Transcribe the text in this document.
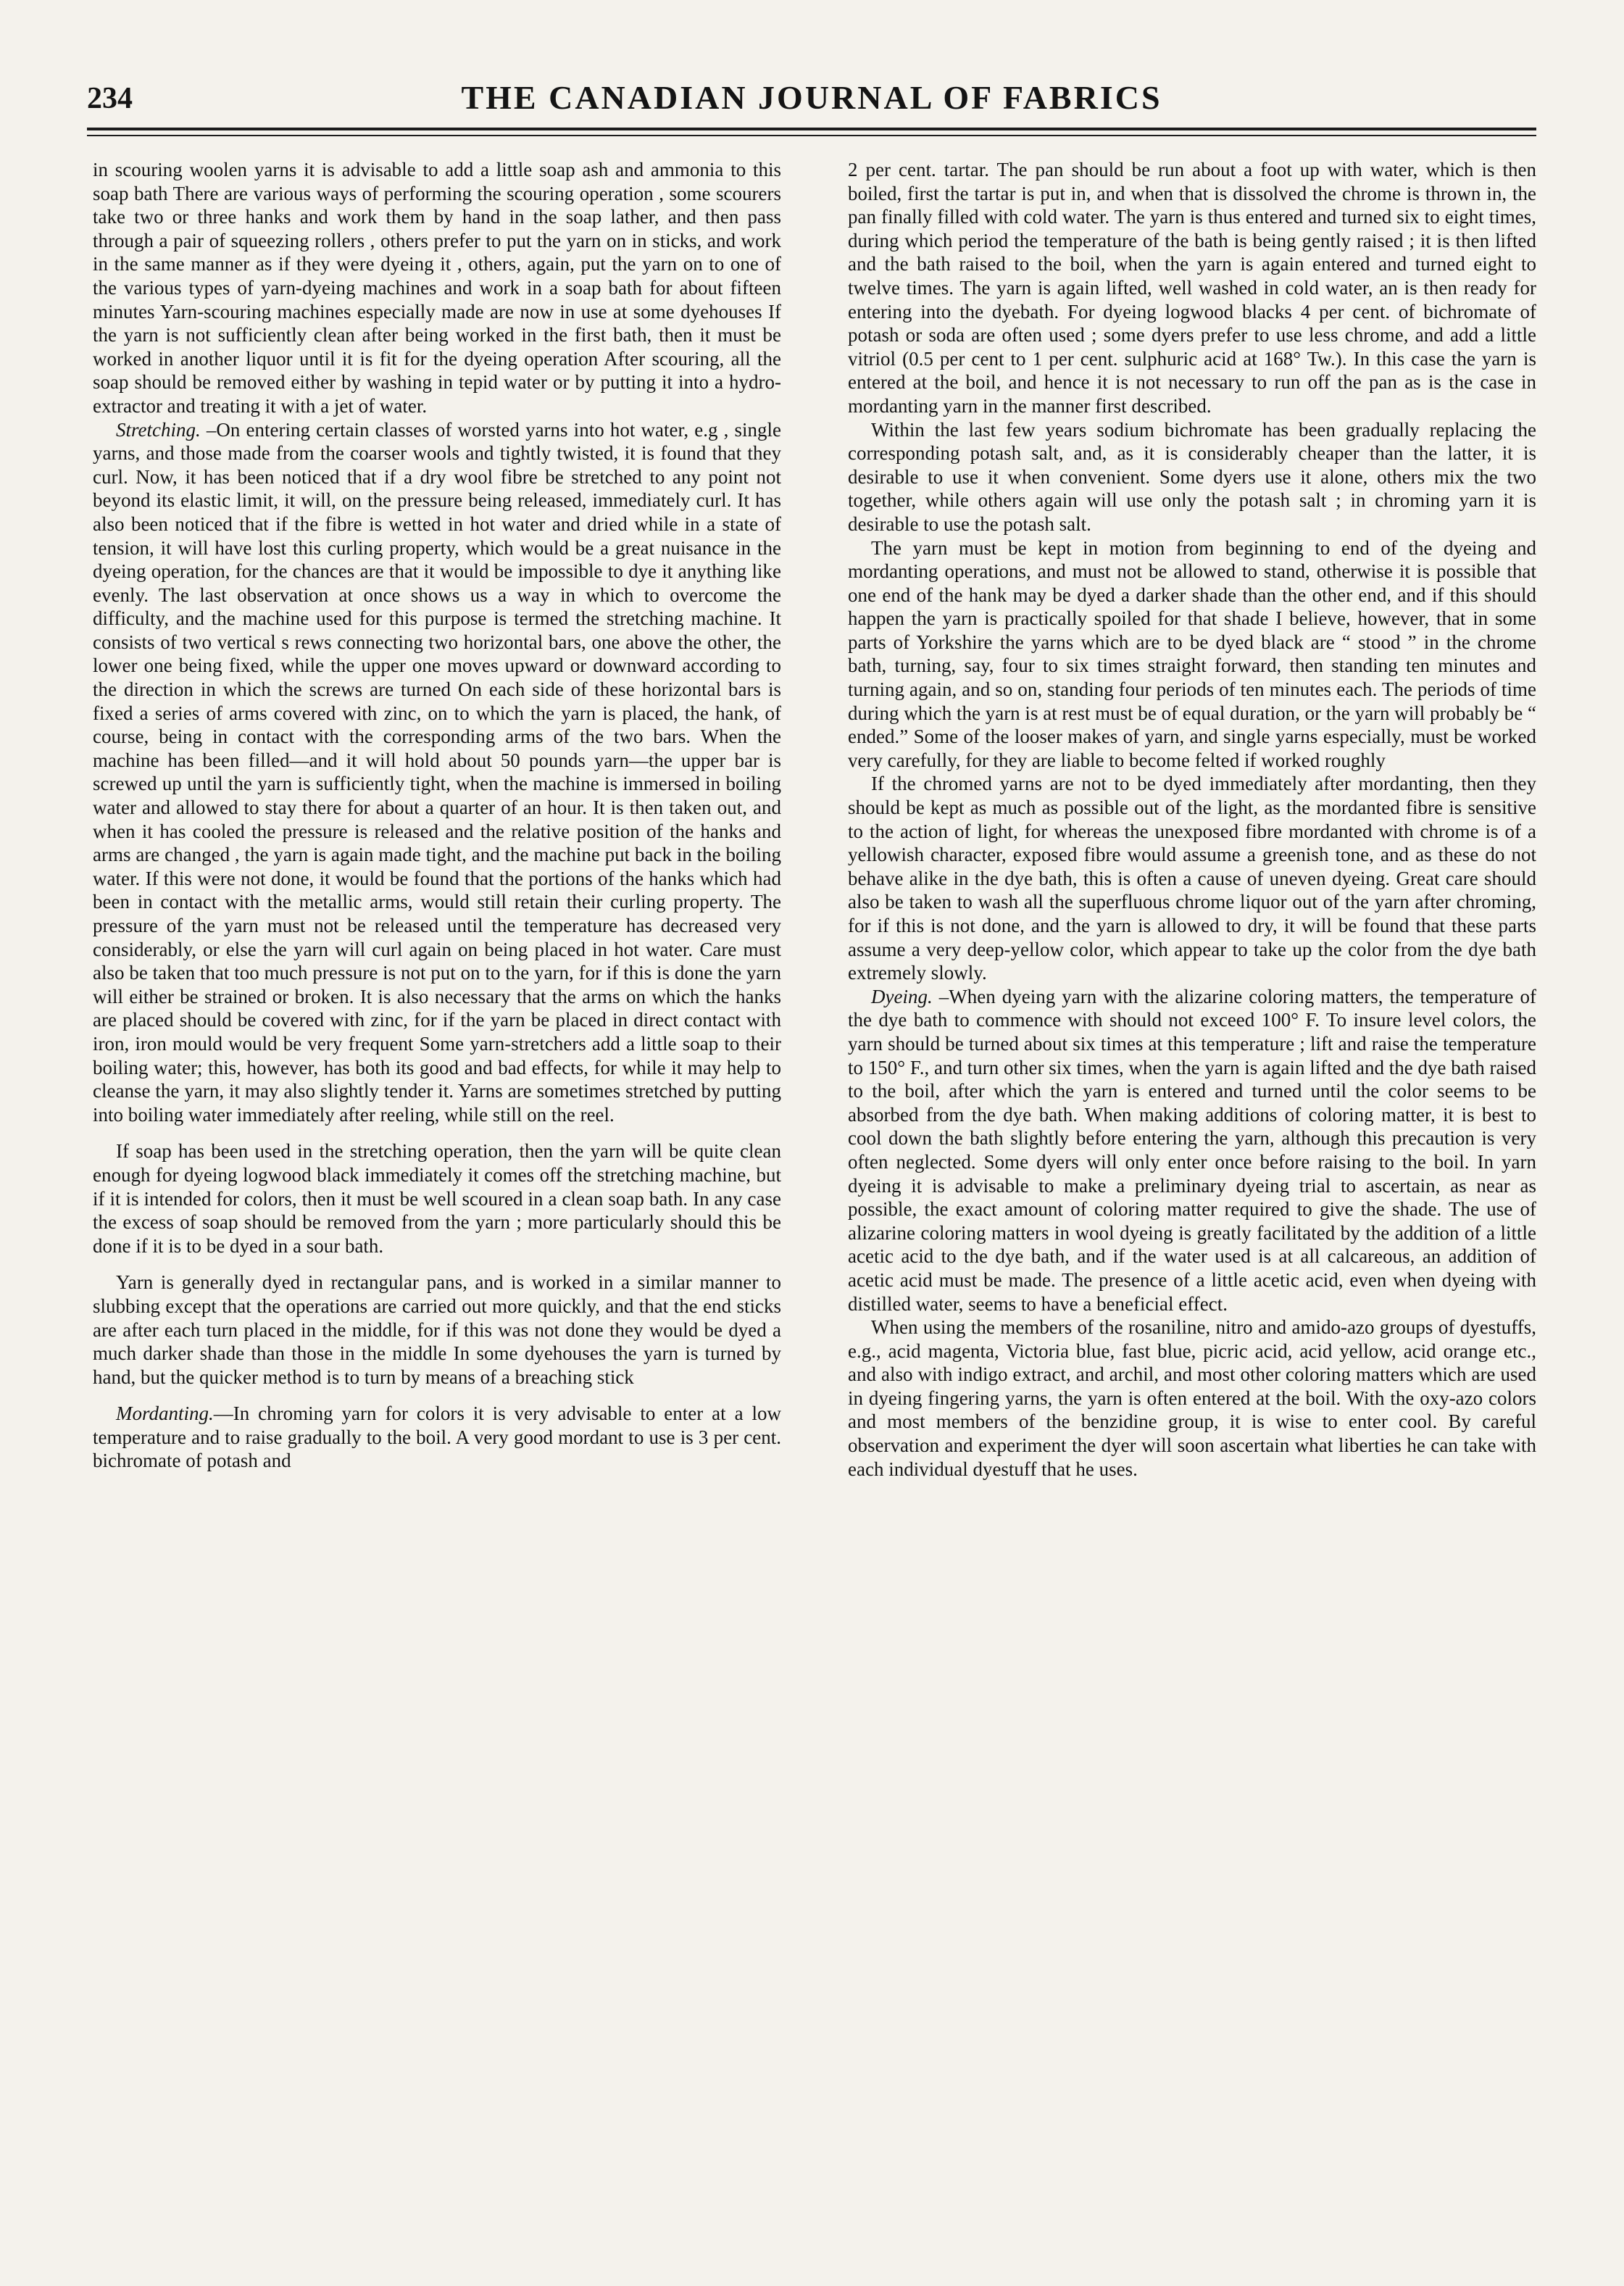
234	THE CANADIAN JOURNAL OF FABRICS

in scouring woolen yarns it is advisable to add a little soap ash and ammonia to this soap bath There are various ways of performing the scouring operation , some scourers take two or three hanks and work them by hand in the soap lather, and then pass through a pair of squeezing rollers , others prefer to put the yarn on in sticks, and work in the same manner as if they were dyeing it , others, again, put the yarn on to one of the various types of yarn-dyeing machines and work in a soap bath for about fifteen minutes Yarn-scouring machines especially made are now in use at some dyehouses If the yarn is not sufficiently clean after being worked in the first bath, then it must be worked in another liquor until it is fit for the dyeing operation After scouring, all the soap should be removed either by washing in tepid water or by putting it into a hydro-extractor and treating it with a jet of water.

Stretching. –On entering certain classes of worsted yarns into hot water, e.g , single yarns, and those made from the coarser wools and tightly twisted, it is found that they curl. Now, it has been noticed that if a dry wool fibre be stretched to any point not beyond its elastic limit, it will, on the pressure being released, immediately curl. It has also been noticed that if the fibre is wetted in hot water and dried while in a state of tension, it will have lost this curling property, which would be a great nuisance in the dyeing operation, for the chances are that it would be impossible to dye it anything like evenly. The last observation at once shows us a way in which to overcome the difficulty, and the machine used for this purpose is termed the stretching machine. It consists of two vertical s rews connecting two horizontal bars, one above the other, the lower one being fixed, while the upper one moves upward or downward according to the direction in which the screws are turned On each side of these horizontal bars is fixed a series of arms covered with zinc, on to which the yarn is placed, the hank, of course, being in contact with the corresponding arms of the two bars. When the machine has been filled—and it will hold about 50 pounds yarn—the upper bar is screwed up until the yarn is sufficiently tight, when the machine is immersed in boiling water and allowed to stay there for about a quarter of an hour. It is then taken out, and when it has cooled the pressure is released and the relative position of the hanks and arms are changed , the yarn is again made tight, and the machine put back in the boiling water. If this were not done, it would be found that the portions of the hanks which had been in contact with the metallic arms, would still retain their curling property. The pressure of the yarn must not be released until the temperature has decreased very considerably, or else the yarn will curl again on being placed in hot water. Care must also be taken that too much pressure is not put on to the yarn, for if this is done the yarn will either be strained or broken. It is also necessary that the arms on which the hanks are placed should be covered with zinc, for if the yarn be placed in direct contact with iron, iron mould would be very frequent Some yarn-stretchers add a little soap to their boiling water; this, however, has both its good and bad effects, for while it may help to cleanse the yarn, it may also slightly tender it. Yarns are sometimes stretched by putting into boiling water immediately after reeling, while still on the reel.

If soap has been used in the stretching operation, then the yarn will be quite clean enough for dyeing logwood black immediately it comes off the stretching machine, but if it is intended for colors, then it must be well scoured in a clean soap bath. In any case the excess of soap should be removed from the yarn ; more particularly should this be done if it is to be dyed in a sour bath.

Yarn is generally dyed in rectangular pans, and is worked in a similar manner to slubbing except that the operations are carried out more quickly, and that the end sticks are after each turn placed in the middle, for if this was not done they would be dyed a much darker shade than those in the middle In some dyehouses the yarn is turned by hand, but the quicker method is to turn by means of a breaching stick

Mordanting.—In chroming yarn for colors it is very advisable to enter at a low temperature and to raise gradually to the boil. A very good mordant to use is 3 per cent. bichromate of potash and

2 per cent. tartar. The pan should be run about a foot up with water, which is then boiled, first the tartar is put in, and when that is dissolved the chrome is thrown in, the pan finally filled with cold water. The yarn is thus entered and turned six to eight times, during which period the temperature of the bath is being gently raised ; it is then lifted and the bath raised to the boil, when the yarn is again entered and turned eight to twelve times. The yarn is again lifted, well washed in cold water, an is then ready for entering into the dyebath. For dyeing logwood blacks 4 per cent. of bichromate of potash or soda are often used ; some dyers prefer to use less chrome, and add a little vitriol (0.5 per cent to 1 per cent. sulphuric acid at 168° Tw.). In this case the yarn is entered at the boil, and hence it is not necessary to run off the pan as is the case in mordanting yarn in the manner first described.

Within the last few years sodium bichromate has been gradually replacing the corresponding potash salt, and, as it is considerably cheaper than the latter, it is desirable to use it when convenient. Some dyers use it alone, others mix the two together, while others again will use only the potash salt ; in chroming yarn it is desirable to use the potash salt.

The yarn must be kept in motion from beginning to end of the dyeing and mordanting operations, and must not be allowed to stand, otherwise it is possible that one end of the hank may be dyed a darker shade than the other end, and if this should happen the yarn is practically spoiled for that shade I believe, however, that in some parts of Yorkshire the yarns which are to be dyed black are “ stood ” in the chrome bath, turning, say, four to six times straight forward, then standing ten minutes and turning again, and so on, standing four periods of ten minutes each. The periods of time during which the yarn is at rest must be of equal duration, or the yarn will probably be “ ended.” Some of the looser makes of yarn, and single yarns especially, must be worked very carefully, for they are liable to become felted if worked roughly

If the chromed yarns are not to be dyed immediately after mordanting, then they should be kept as much as possible out of the light, as the mordanted fibre is sensitive to the action of light, for whereas the unexposed fibre mordanted with chrome is of a yellowish character, exposed fibre would assume a greenish tone, and as these do not behave alike in the dye bath, this is often a cause of uneven dyeing. Great care should also be taken to wash all the superfluous chrome liquor out of the yarn after chroming, for if this is not done, and the yarn is allowed to dry, it will be found that these parts assume a very deep-yellow color, which appear to take up the color from the dye bath extremely slowly.

Dyeing. –When dyeing yarn with the alizarine coloring matters, the temperature of the dye bath to commence with should not exceed 100° F. To insure level colors, the yarn should be turned about six times at this temperature ; lift and raise the temperature to 150° F., and turn other six times, when the yarn is again lifted and the dye bath raised to the boil, after which the yarn is entered and turned until the color seems to be absorbed from the dye bath. When making additions of coloring matter, it is best to cool down the bath slightly before entering the yarn, although this precaution is very often neglected. Some dyers will only enter once before raising to the boil. In yarn dyeing it is advisable to make a preliminary dyeing trial to ascertain, as near as possible, the exact amount of coloring matter required to give the shade. The use of alizarine coloring matters in wool dyeing is greatly facilitated by the addition of a little acetic acid to the dye bath, and if the water used is at all calcareous, an addition of acetic acid must be made. The presence of a little acetic acid, even when dyeing with distilled water, seems to have a beneficial effect.

When using the members of the rosaniline, nitro and amido-azo groups of dyestuffs, e.g., acid magenta, Victoria blue, fast blue, picric acid, acid yellow, acid orange etc., and also with indigo extract, and archil, and most other coloring matters which are used in dyeing fingering yarns, the yarn is often entered at the boil. With the oxy-azo colors and most members of the benzidine group, it is wise to enter cool. By careful observation and experiment the dyer will soon ascertain what liberties he can take with each individual dyestuff that he uses.
